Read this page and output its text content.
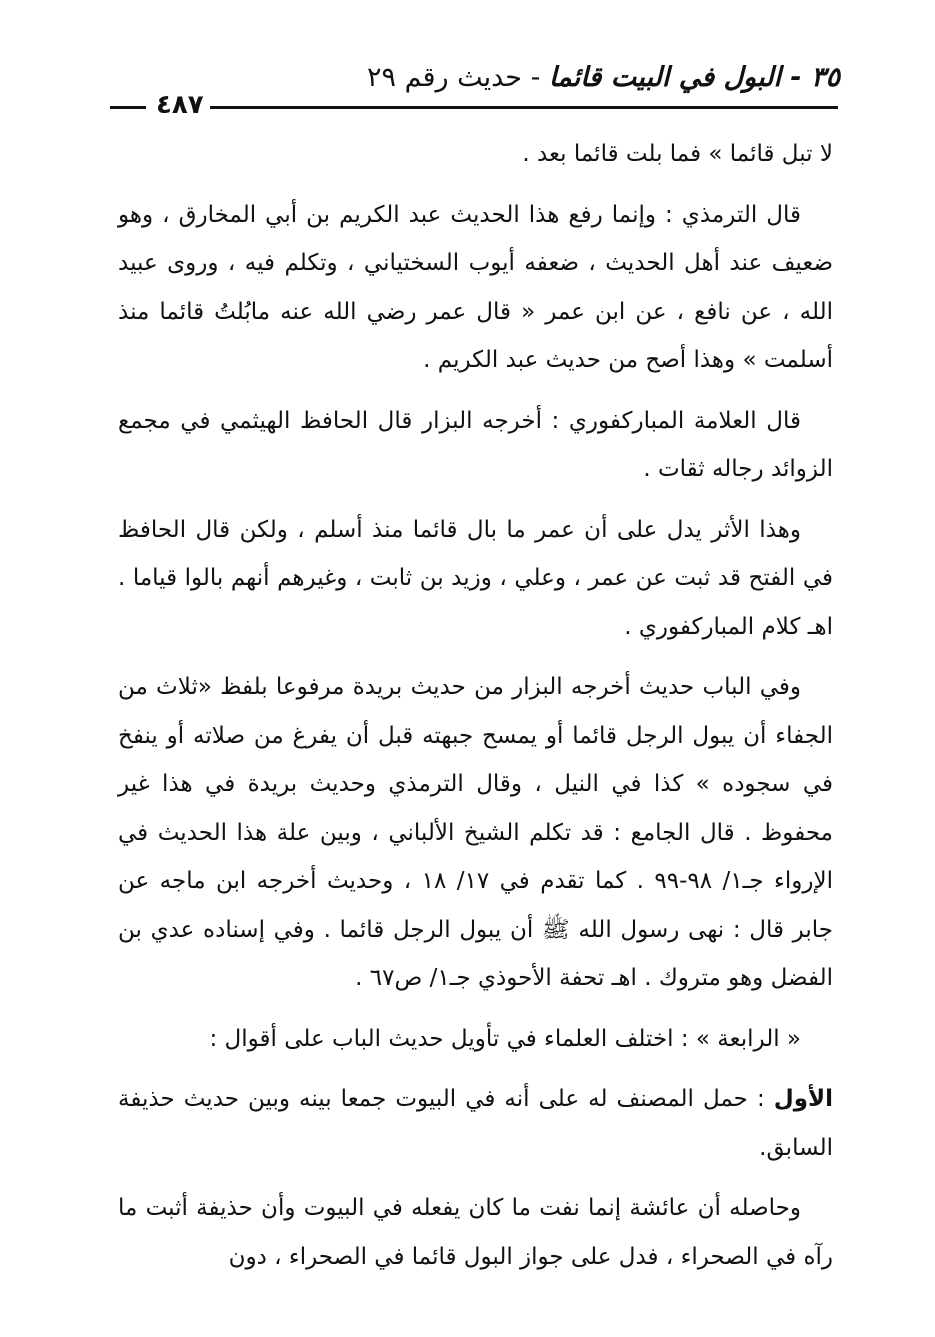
٣٥ - البول في البيت قائما - حديث رقم ٢٩
٤٨٧

لا تبل قائما » فما بلت قائما بعد .

قال الترمذي : وإنما رفع هذا الحديث عبد الكريم بن أبي المخارق ، وهو ضعيف عند أهل الحديث ، ضعفه أيوب السختياني ، وتكلم فيه ، وروى عبيد الله ، عن نافع ، عن ابن عمر « قال عمر رضي الله عنه مابُلتُ قائما منذ أسلمت » وهذا أصح من حديث عبد الكريم .

قال العلامة المباركفوري : أخرجه البزار قال الحافظ الهيثمي في مجمع الزوائد رجاله ثقات .

وهذا الأثر يدل على أن عمر ما بال قائما منذ أسلم ، ولكن قال الحافظ في الفتح قد ثبت عن عمر ، وعلي ، وزيد بن ثابت ، وغيرهم أنهم بالوا قياما . اهـ كلام المباركفوري .

وفي الباب حديث أخرجه البزار من حديث بريدة مرفوعا بلفظ «ثلاث من الجفاء أن يبول الرجل قائما أو يمسح جبهته قبل أن يفرغ من صلاته أو ينفخ في سجوده » كذا في النيل ، وقال الترمذي وحديث بريدة في هذا غير محفوظ . قال الجامع : قد تكلم الشيخ الألباني ، وبين علة هذا الحديث في الإرواء جـ١/ ٩٨-٩٩ . كما تقدم في ١٧/ ١٨ ، وحديث أخرجه ابن ماجه عن جابر قال : نهى رسول الله ﷺ أن يبول الرجل قائما . وفي إسناده عدي بن الفضل وهو متروك . اهـ تحفة الأحوذي جـ١/ ص٦٧ .

« الرابعة » : اختلف العلماء في تأويل حديث الباب على أقوال :

الأول : حمل المصنف له على أنه في البيوت جمعا بينه وبين حديث حذيفة السابق.

وحاصله أن عائشة إنما نفت ما كان يفعله في البيوت وأن حذيفة أثبت ما رآه في الصحراء ، فدل على جواز البول قائما في الصحراء ، دون
